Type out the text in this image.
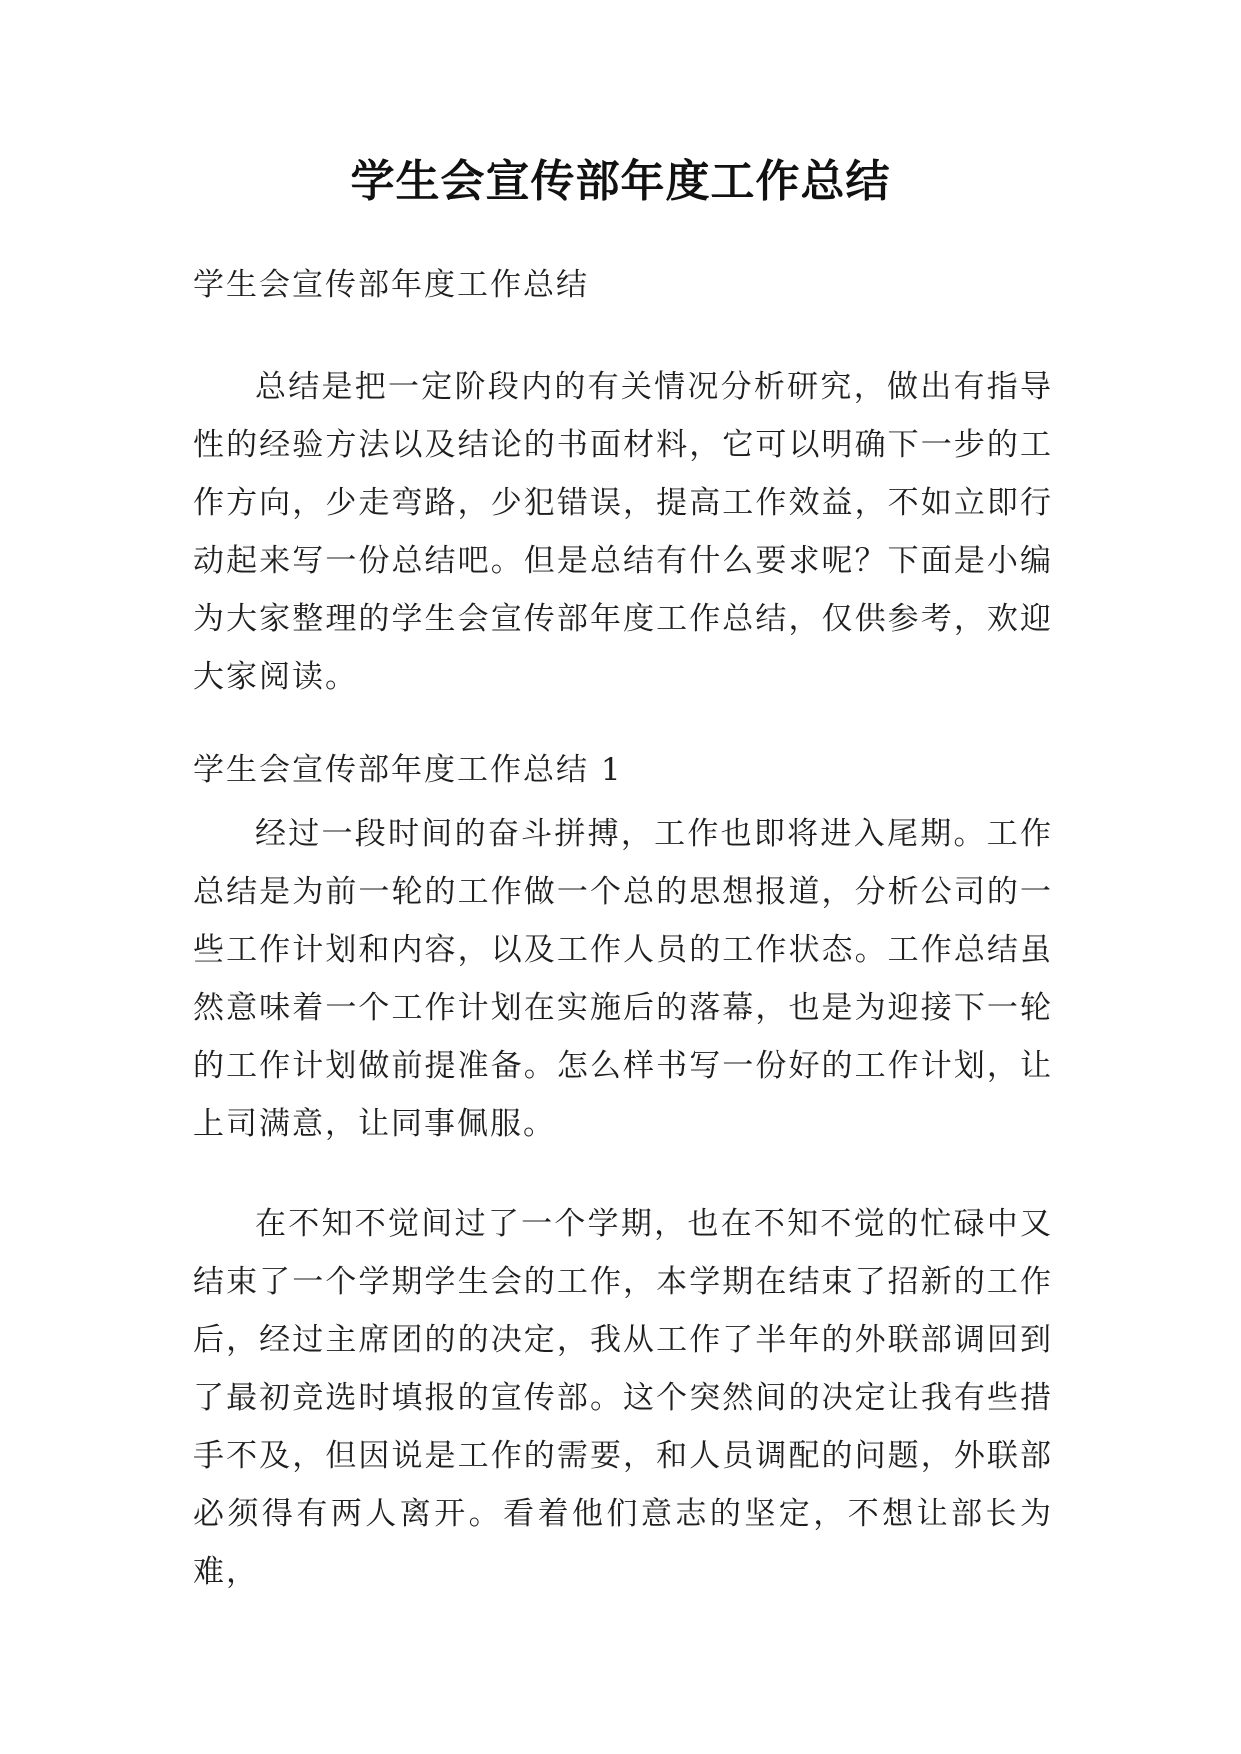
学生会宣传部年度工作总结

学生会宣传部年度工作总结

总结是把一定阶段内的有关情况分析研究，做出有指导性的经验方法以及结论的书面材料，它可以明确下一步的工作方向，少走弯路，少犯错误，提高工作效益，不如立即行动起来写一份总结吧。但是总结有什么要求呢？下面是小编为大家整理的学生会宣传部年度工作总结，仅供参考，欢迎大家阅读。

学生会宣传部年度工作总结 1

经过一段时间的奋斗拼搏，工作也即将进入尾期。工作总结是为前一轮的工作做一个总的思想报道，分析公司的一些工作计划和内容，以及工作人员的工作状态。工作总结虽然意味着一个工作计划在实施后的落幕，也是为迎接下一轮的工作计划做前提准备。怎么样书写一份好的工作计划，让上司满意，让同事佩服。

在不知不觉间过了一个学期，也在不知不觉的忙碌中又结束了一个学期学生会的工作，本学期在结束了招新的工作后，经过主席团的的决定，我从工作了半年的外联部调回到了最初竞选时填报的宣传部。这个突然间的决定让我有些措手不及，但因说是工作的需要，和人员调配的问题，外联部必须得有两人离开。看着他们意志的坚定，不想让部长为难，
